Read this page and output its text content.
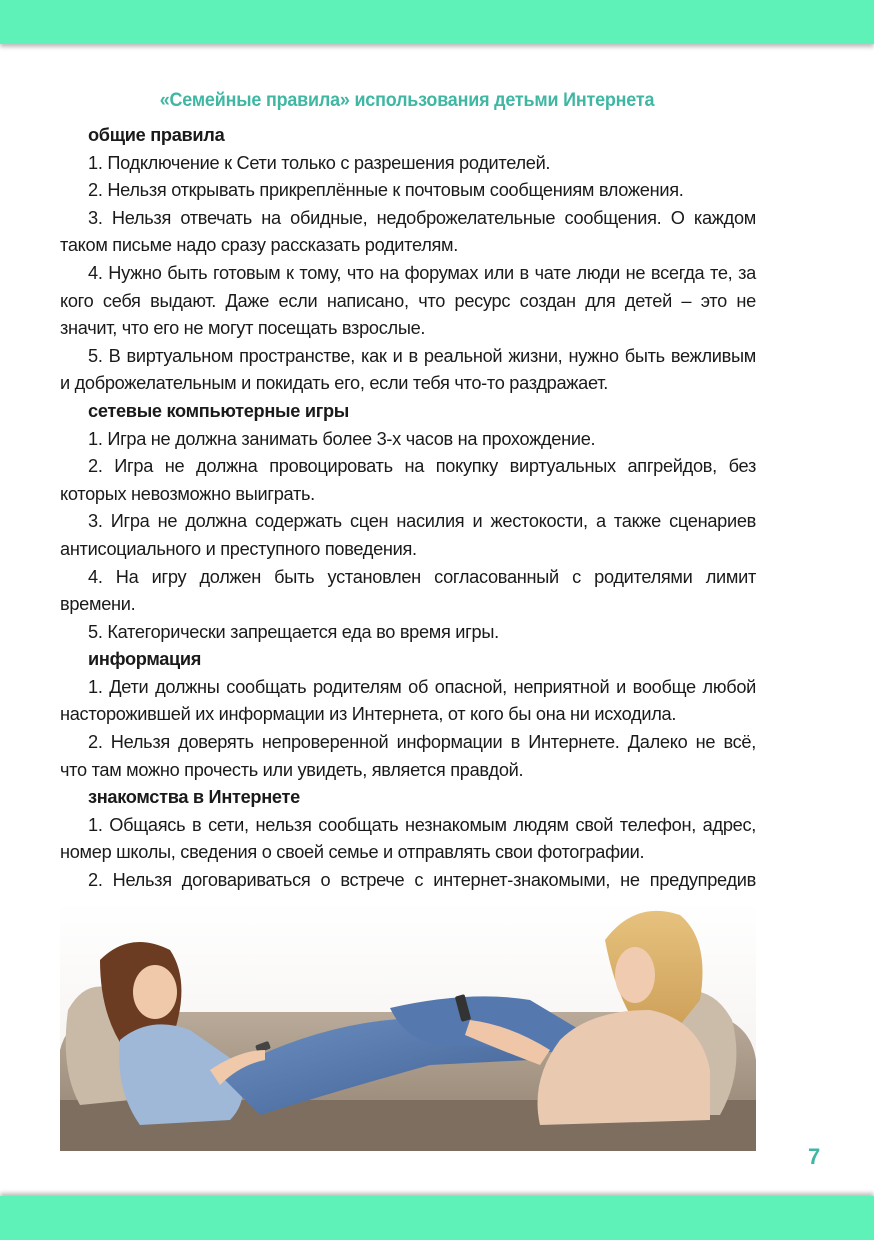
«Семейные правила» использования детьми Интернета

общие правила

1. Подключение к Сети только с разрешения родителей.

2. Нельзя открывать прикреплённые к почтовым сообщениям вложения.

3. Нельзя отвечать на обидные, недоброжелательные сообщения. О каждом таком письме надо сразу рассказать родителям.

4. Нужно быть готовым к тому, что на форумах или в чате люди не всегда те, за кого себя выдают. Даже если написано, что ресурс создан для детей – это не значит, что его не могут посещать взрослые.

5. В виртуальном пространстве, как и в реальной жизни, нужно быть вежливым и доброжелательным и покидать его, если тебя что-то раздражает.

сетевые компьютерные игры

1. Игра не должна занимать более 3-х часов на прохождение.

2. Игра не должна провоцировать на покупку виртуальных апгрейдов, без которых невозможно выиграть.

3. Игра не должна содержать сцен насилия и жестокости, а также сценариев антисоциального и преступного поведения.

4. На игру должен быть установлен согласованный с родителями лимит времени.

5. Категорически запрещается еда во время игры.

информация

1. Дети должны сообщать родителям об опасной, неприятной и вообще любой насторожившей их информации из Интернета, от кого бы она ни исходила.

2. Нельзя доверять непроверенной информации в Интернете. Далеко не всё, что там можно прочесть или увидеть, является правдой.

знакомства в Интернете

1. Общаясь в сети, нельзя сообщать незнакомым людям свой телефон, адрес, номер школы, сведения о своей семье и отправлять свои фотографии.

2. Нельзя договариваться о встрече с интернет-знакомыми, не предупредив

7
